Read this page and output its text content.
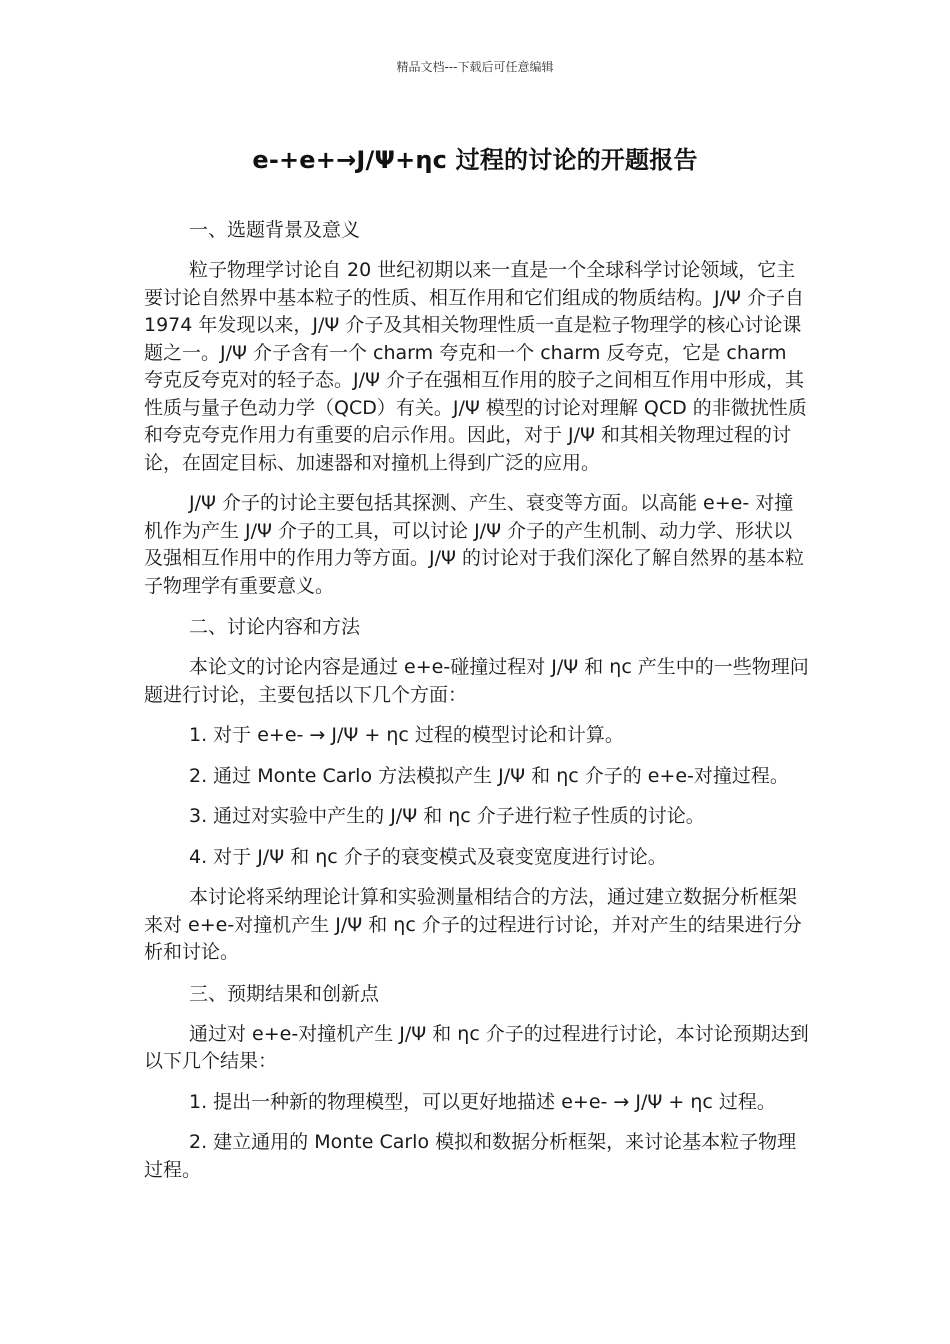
精品文档---下载后可任意编辑
e-+e+→J/Ψ+ηc 过程的讨论的开题报告
一、选题背景及意义

粒子物理学讨论自 20 世纪初期以来一直是一个全球科学讨论领域，它主要讨论自然界中基本粒子的性质、相互作用和它们组成的物质结构。J/Ψ 介子自 1974 年发现以来，J/Ψ 介子及其相关物理性质一直是粒子物理学的核心讨论课题之一。J/Ψ 介子含有一个 charm 夸克和一个 charm 反夸克，它是 charm 夸克反夸克对的轻子态。J/Ψ 介子在强相互作用的胶子之间相互作用中形成，其性质与量子色动力学（QCD）有关。J/Ψ 模型的讨论对理解 QCD 的非微扰性质和夸克夸克作用力有重要的启示作用。因此，对于 J/Ψ 和其相关物理过程的讨论，在固定目标、加速器和对撞机上得到广泛的应用。

J/Ψ 介子的讨论主要包括其探测、产生、衰变等方面。以高能 e+e- 对撞机作为产生 J/Ψ 介子的工具，可以讨论 J/Ψ 介子的产生机制、动力学、形状以及强相互作用中的作用力等方面。J/Ψ 的讨论对于我们深化了解自然界的基本粒子物理学有重要意义。

二、讨论内容和方法

本论文的讨论内容是通过 e+e-碰撞过程对 J/Ψ 和 ηc 产生中的一些物理问题进行讨论，主要包括以下几个方面：

1. 对于 e+e- → J/Ψ + ηc 过程的模型讨论和计算。
2. 通过 Monte Carlo 方法模拟产生 J/Ψ 和 ηc 介子的 e+e-对撞过程。
3. 通过对实验中产生的 J/Ψ 和 ηc 介子进行粒子性质的讨论。
4. 对于 J/Ψ 和 ηc 介子的衰变模式及衰变宽度进行讨论。

本讨论将采纳理论计算和实验测量相结合的方法，通过建立数据分析框架来对 e+e-对撞机产生 J/Ψ 和 ηc 介子的过程进行讨论，并对产生的结果进行分析和讨论。

三、预期结果和创新点

通过对 e+e-对撞机产生 J/Ψ 和 ηc 介子的过程进行讨论，本讨论预期达到以下几个结果：

1. 提出一种新的物理模型，可以更好地描述 e+e- → J/Ψ + ηc 过程。
2. 建立通用的 Monte Carlo 模拟和数据分析框架，来讨论基本粒子物理过程。
